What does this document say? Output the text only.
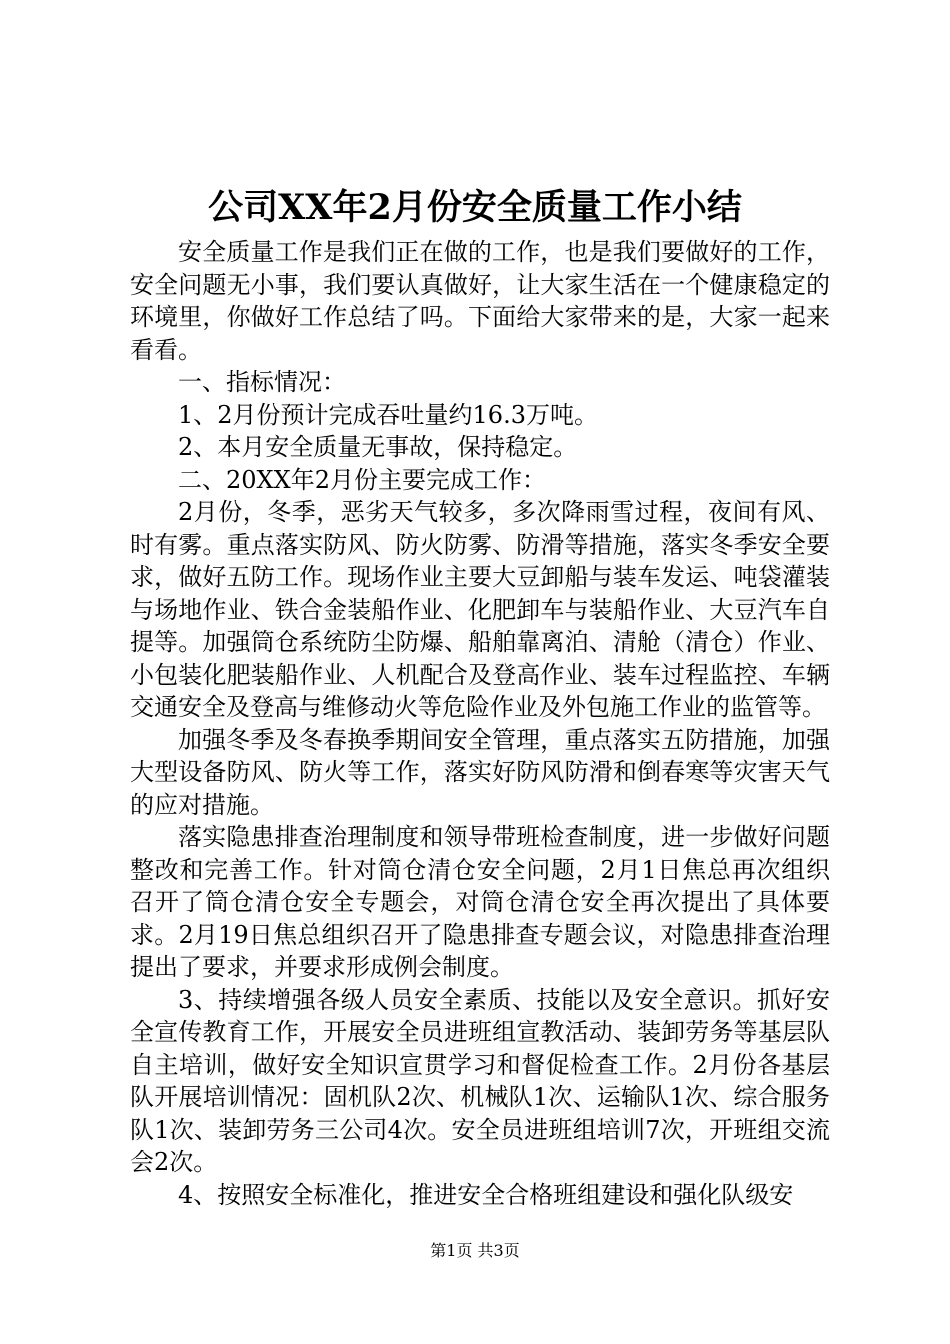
公司XX年2月份安全质量工作小结

安全质量工作是我们正在做的工作，也是我们要做好的工作，安全问题无小事，我们要认真做好，让大家生活在一个健康稳定的环境里，你做好工作总结了吗。下面给大家带来的是，大家一起来看看。

一、指标情况：

1、2月份预计完成吞吐量约16.3万吨。

2、本月安全质量无事故，保持稳定。

二、20XX年2月份主要完成工作：

2月份，冬季，恶劣天气较多，多次降雨雪过程，夜间有风、时有雾。重点落实防风、防火防雾、防滑等措施，落实冬季安全要求，做好五防工作。现场作业主要大豆卸船与装车发运、吨袋灌装与场地作业、铁合金装船作业、化肥卸车与装船作业、大豆汽车自提等。加强筒仓系统防尘防爆、船舶靠离泊、清舱（清仓）作业、小包装化肥装船作业、人机配合及登高作业、装车过程监控、车辆交通安全及登高与维修动火等危险作业及外包施工作业的监管等。

加强冬季及冬春换季期间安全管理，重点落实五防措施，加强大型设备防风、防火等工作，落实好防风防滑和倒春寒等灾害天气的应对措施。

落实隐患排查治理制度和领导带班检查制度，进一步做好问题整改和完善工作。针对筒仓清仓安全问题，2月1日焦总再次组织召开了筒仓清仓安全专题会，对筒仓清仓安全再次提出了具体要求。2月19日焦总组织召开了隐患排查专题会议，对隐患排查治理提出了要求，并要求形成例会制度。

3、持续增强各级人员安全素质、技能以及安全意识。抓好安全宣传教育工作，开展安全员进班组宣教活动、装卸劳务等基层队自主培训，做好安全知识宣贯学习和督促检查工作。2月份各基层队开展培训情况：固机队2次、机械队1次、运输队1次、综合服务队1次、装卸劳务三公司4次。安全员进班组培训7次，开班组交流会2次。

4、按照安全标准化，推进安全合格班组建设和强化队级安

第1页 共3页
